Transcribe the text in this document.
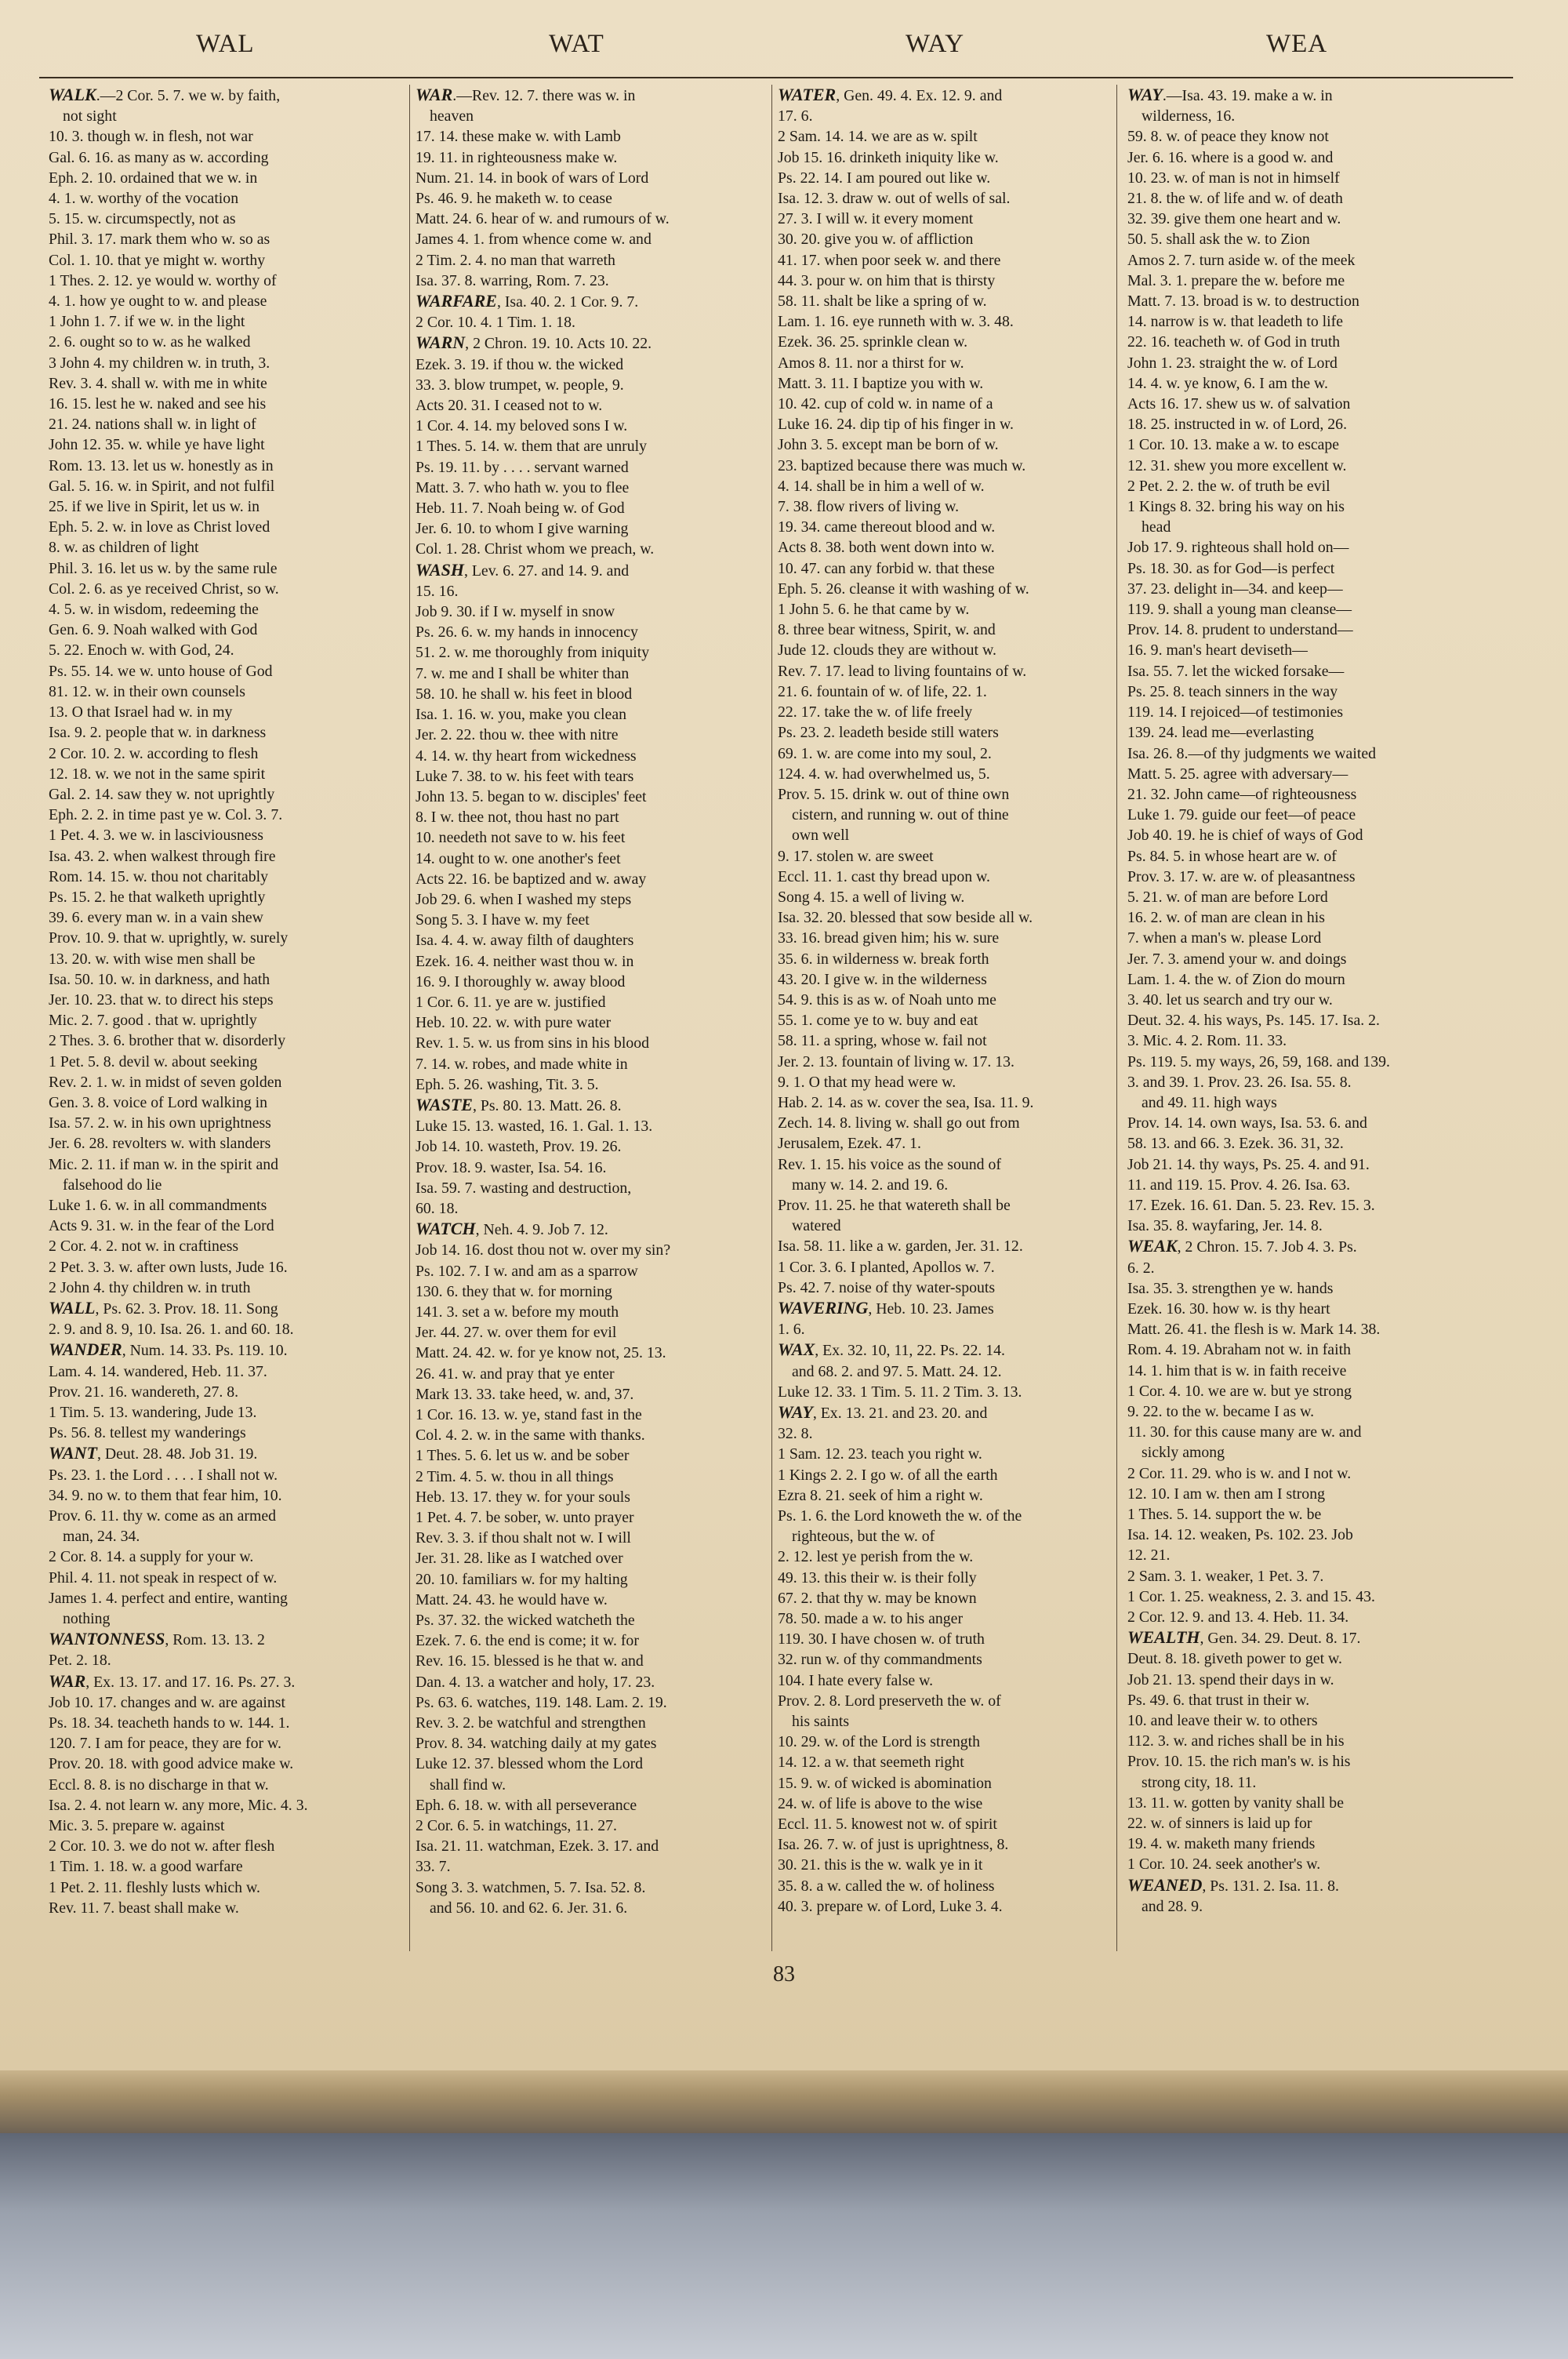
WAL	WAT	WAY	WEA
WALK.—2 Cor. 5. 7. we w. by faith,
not sight
10. 3. though w. in flesh, not war
Gal. 6. 16. as many as w. according
Eph. 2. 10. ordained that we w. in
4. 1. w. worthy of the vocation
5. 15. w. circumspectly, not as
Phil. 3. 17. mark them who w. so as
Col. 1. 10. that ye might w. worthy
1 Thes. 2. 12. ye would w. worthy of
4. 1. how ye ought to w. and please
1 John 1. 7. if we w. in the light
2. 6. ought so to w. as he walked
3 John 4. my children w. in truth, 3.
Rev. 3. 4. shall w. with me in white
16. 15. lest he w. naked and see his
21. 24. nations shall w. in light of
John 12. 35. w. while ye have light
Rom. 13. 13. let us w. honestly as in
Gal. 5. 16. w. in Spirit, and not fulfil
25. if we live in Spirit, let us w. in
Eph. 5. 2. w. in love as Christ loved
8. w. as children of light
Phil. 3. 16. let us w. by the same rule
Col. 2. 6. as ye received Christ, so w.
4. 5. w. in wisdom, redeeming the
Gen. 6. 9. Noah walked with God
5. 22. Enoch w. with God, 24.
Ps. 55. 14. we w. unto house of God
81. 12. w. in their own counsels
13. O that Israel had w. in my
Isa. 9. 2. people that w. in darkness
2 Cor. 10. 2. w. according to flesh
12. 18. w. we not in the same spirit
Gal. 2. 14. saw they w. not uprightly
Eph. 2. 2. in time past ye w. Col. 3. 7.
1 Pet. 4. 3. we w. in lasciviousness
Isa. 43. 2. when walkest through fire
Rom. 14. 15. w. thou not charitably
Ps. 15. 2. he that walketh uprightly
39. 6. every man w. in a vain shew
Prov. 10. 9. that w. uprightly, w. surely
13. 20. w. with wise men shall be
Isa. 50. 10. w. in darkness, and hath
Jer. 10. 23. that w. to direct his steps
Mic. 2. 7. good . that w. uprightly
2 Thes. 3. 6. brother that w. disorderly
1 Pet. 5. 8. devil w. about seeking
Rev. 2. 1. w. in midst of seven golden
Gen. 3. 8. voice of Lord walking in
Isa. 57. 2. w. in his own uprightness
Jer. 6. 28. revolters w. with slanders
Mic. 2. 11. if man w. in the spirit and
falsehood do lie
Luke 1. 6. w. in all commandments
Acts 9. 31. w. in the fear of the Lord
2 Cor. 4. 2. not w. in craftiness
2 Pet. 3. 3. w. after own lusts, Jude 16.
2 John 4. thy children w. in truth
WALL, Ps. 62. 3. Prov. 18. 11. Song
2. 9. and 8. 9, 10. Isa. 26. 1. and 60. 18.
WANDER, Num. 14. 33. Ps. 119. 10.
Lam. 4. 14. wandered, Heb. 11. 37.
Prov. 21. 16. wandereth, 27. 8.
1 Tim. 5. 13. wandering, Jude 13.
Ps. 56. 8. tellest my wanderings
WANT, Deut. 28. 48. Job 31. 19.
Ps. 23. 1. the Lord . . . . I shall not w.
34. 9. no w. to them that fear him, 10.
Prov. 6. 11. thy w. come as an armed
man, 24. 34.
2 Cor. 8. 14. a supply for your w.
Phil. 4. 11. not speak in respect of w.
James 1. 4. perfect and entire, wanting
nothing
WANTONNESS, Rom. 13. 13. 2
Pet. 2. 18.
WAR, Ex. 13. 17. and 17. 16. Ps. 27. 3.
Job 10. 17. changes and w. are against
Ps. 18. 34. teacheth hands to w. 144. 1.
120. 7. I am for peace, they are for w.
Prov. 20. 18. with good advice make w.
Eccl. 8. 8. is no discharge in that w.
Isa. 2. 4. not learn w. any more, Mic. 4. 3.
Mic. 3. 5. prepare w. against
2 Cor. 10. 3. we do not w. after flesh
1 Tim. 1. 18. w. a good warfare
1 Pet. 2. 11. fleshly lusts which w.
Rev. 11. 7. beast shall make w.
WAR.—Rev. 12. 7. there was w. in
heaven
17. 14. these make w. with Lamb
19. 11. in righteousness make w.
Num. 21. 14. in book of wars of Lord
Ps. 46. 9. he maketh w. to cease
Matt. 24. 6. hear of w. and rumours of w.
James 4. 1. from whence come w. and
2 Tim. 2. 4. no man that warreth
Isa. 37. 8. warring, Rom. 7. 23.
WARFARE, Isa. 40. 2. 1 Cor. 9. 7.
2 Cor. 10. 4. 1 Tim. 1. 18.
WARN, 2 Chron. 19. 10. Acts 10. 22.
Ezek. 3. 19. if thou w. the wicked
33. 3. blow trumpet, w. people, 9.
Acts 20. 31. I ceased not to w.
1 Cor. 4. 14. my beloved sons I w.
1 Thes. 5. 14. w. them that are unruly
Ps. 19. 11. by . . . . servant warned
Matt. 3. 7. who hath w. you to flee
Heb. 11. 7. Noah being w. of God
Jer. 6. 10. to whom I give warning
Col. 1. 28. Christ whom we preach, w.
WASH, Lev. 6. 27. and 14. 9. and
15. 16.
Job 9. 30. if I w. myself in snow
Ps. 26. 6. w. my hands in innocency
51. 2. w. me thoroughly from iniquity
7. w. me and I shall be whiter than
58. 10. he shall w. his feet in blood
Isa. 1. 16. w. you, make you clean
Jer. 2. 22. thou w. thee with nitre
4. 14. w. thy heart from wickedness
Luke 7. 38. to w. his feet with tears
John 13. 5. began to w. disciples' feet
8. I w. thee not, thou hast no part
10. needeth not save to w. his feet
14. ought to w. one another's feet
Acts 22. 16. be baptized and w. away
Job 29. 6. when I washed my steps
Song 5. 3. I have w. my feet
Isa. 4. 4. w. away filth of daughters
Ezek. 16. 4. neither wast thou w. in
16. 9. I thoroughly w. away blood
1 Cor. 6. 11. ye are w. justified
Heb. 10. 22. w. with pure water
Rev. 1. 5. w. us from sins in his blood
7. 14. w. robes, and made white in
Eph. 5. 26. washing, Tit. 3. 5.
WASTE, Ps. 80. 13. Matt. 26. 8.
Luke 15. 13. wasted, 16. 1. Gal. 1. 13.
Job 14. 10. wasteth, Prov. 19. 26.
Prov. 18. 9. waster, Isa. 54. 16.
Isa. 59. 7. wasting and destruction,
60. 18.
WATCH, Neh. 4. 9. Job 7. 12.
Job 14. 16. dost thou not w. over my sin?
Ps. 102. 7. I w. and am as a sparrow
130. 6. they that w. for morning
141. 3. set a w. before my mouth
Jer. 44. 27. w. over them for evil
Matt. 24. 42. w. for ye know not, 25. 13.
26. 41. w. and pray that ye enter
Mark 13. 33. take heed, w. and, 37.
1 Cor. 16. 13. w. ye, stand fast in the
Col. 4. 2. w. in the same with thanks.
1 Thes. 5. 6. let us w. and be sober
2 Tim. 4. 5. w. thou in all things
Heb. 13. 17. they w. for your souls
1 Pet. 4. 7. be sober, w. unto prayer
Rev. 3. 3. if thou shalt not w. I will
Jer. 31. 28. like as I watched over
20. 10. familiars w. for my halting
Matt. 24. 43. he would have w.
Ps. 37. 32. the wicked watcheth the
Ezek. 7. 6. the end is come; it w. for
Rev. 16. 15. blessed is he that w. and
Dan. 4. 13. a watcher and holy, 17. 23.
Ps. 63. 6. watches, 119. 148. Lam. 2. 19.
Rev. 3. 2. be watchful and strengthen
Prov. 8. 34. watching daily at my gates
Luke 12. 37. blessed whom the Lord
shall find w.
Eph. 6. 18. w. with all perseverance
2 Cor. 6. 5. in watchings, 11. 27.
Isa. 21. 11. watchman, Ezek. 3. 17. and
33. 7.
Song 3. 3. watchmen, 5. 7. Isa. 52. 8.
and 56. 10. and 62. 6. Jer. 31. 6.
WATER, Gen. 49. 4. Ex. 12. 9. and
17. 6.
2 Sam. 14. 14. we are as w. spilt
Job 15. 16. drinketh iniquity like w.
Ps. 22. 14. I am poured out like w.
Isa. 12. 3. draw w. out of wells of sal.
27. 3. I will w. it every moment
30. 20. give you w. of affliction
41. 17. when poor seek w. and there
44. 3. pour w. on him that is thirsty
58. 11. shalt be like a spring of w.
Lam. 1. 16. eye runneth with w. 3. 48.
Ezek. 36. 25. sprinkle clean w.
Amos 8. 11. nor a thirst for w.
Matt. 3. 11. I baptize you with w.
10. 42. cup of cold w. in name of a
Luke 16. 24. dip tip of his finger in w.
John 3. 5. except man be born of w.
23. baptized because there was much w.
4. 14. shall be in him a well of w.
7. 38. flow rivers of living w.
19. 34. came thereout blood and w.
Acts 8. 38. both went down into w.
10. 47. can any forbid w. that these
Eph. 5. 26. cleanse it with washing of w.
1 John 5. 6. he that came by w.
8. three bear witness, Spirit, w. and
Jude 12. clouds they are without w.
Rev. 7. 17. lead to living fountains of w.
21. 6. fountain of w. of life, 22. 1.
22. 17. take the w. of life freely
Ps. 23. 2. leadeth beside still waters
69. 1. w. are come into my soul, 2.
124. 4. w. had overwhelmed us, 5.
Prov. 5. 15. drink w. out of thine own
cistern, and running w. out of thine
own well
9. 17. stolen w. are sweet
Eccl. 11. 1. cast thy bread upon w.
Song 4. 15. a well of living w.
Isa. 32. 20. blessed that sow beside all w.
33. 16. bread given him; his w. sure
35. 6. in wilderness w. break forth
43. 20. I give w. in the wilderness
54. 9. this is as w. of Noah unto me
55. 1. come ye to w. buy and eat
58. 11. a spring, whose w. fail not
Jer. 2. 13. fountain of living w. 17. 13.
9. 1. O that my head were w.
Hab. 2. 14. as w. cover the sea, Isa. 11. 9.
Zech. 14. 8. living w. shall go out from
Jerusalem, Ezek. 47. 1.
Rev. 1. 15. his voice as the sound of
many w. 14. 2. and 19. 6.
Prov. 11. 25. he that watereth shall be
watered
Isa. 58. 11. like a w. garden, Jer. 31. 12.
1 Cor. 3. 6. I planted, Apollos w. 7.
Ps. 42. 7. noise of thy water-spouts
WAVERING, Heb. 10. 23. James
1. 6.
WAX, Ex. 32. 10, 11, 22. Ps. 22. 14.
and 68. 2. and 97. 5. Matt. 24. 12.
Luke 12. 33. 1 Tim. 5. 11. 2 Tim. 3. 13.
WAY, Ex. 13. 21. and 23. 20. and
32. 8.
1 Sam. 12. 23. teach you right w.
1 Kings 2. 2. I go w. of all the earth
Ezra 8. 21. seek of him a right w.
Ps. 1. 6. the Lord knoweth the w. of the
righteous, but the w. of
2. 12. lest ye perish from the w.
49. 13. this their w. is their folly
67. 2. that thy w. may be known
78. 50. made a w. to his anger
119. 30. I have chosen w. of truth
32. run w. of thy commandments
104. I hate every false w.
Prov. 2. 8. Lord preserveth the w. of
his saints
10. 29. w. of the Lord is strength
14. 12. a w. that seemeth right
15. 9. w. of wicked is abomination
24. w. of life is above to the wise
Eccl. 11. 5. knowest not w. of spirit
Isa. 26. 7. w. of just is uprightness, 8.
30. 21. this is the w. walk ye in it
35. 8. a w. called the w. of holiness
40. 3. prepare w. of Lord, Luke 3. 4.
WAY.—Isa. 43. 19. make a w. in
wilderness, 16.
59. 8. w. of peace they know not
Jer. 6. 16. where is a good w. and
10. 23. w. of man is not in himself
21. 8. the w. of life and w. of death
32. 39. give them one heart and w.
50. 5. shall ask the w. to Zion
Amos 2. 7. turn aside w. of the meek
Mal. 3. 1. prepare the w. before me
Matt. 7. 13. broad is w. to destruction
14. narrow is w. that leadeth to life
22. 16. teacheth w. of God in truth
John 1. 23. straight the w. of Lord
14. 4. w. ye know, 6. I am the w.
Acts 16. 17. shew us w. of salvation
18. 25. instructed in w. of Lord, 26.
1 Cor. 10. 13. make a w. to escape
12. 31. shew you more excellent w.
2 Pet. 2. 2. the w. of truth be evil
1 Kings 8. 32. bring his way on his
head
Job 17. 9. righteous shall hold on—
Ps. 18. 30. as for God—is perfect
37. 23. delight in—34. and keep—
119. 9. shall a young man cleanse—
Prov. 14. 8. prudent to understand—
16. 9. man's heart deviseth—
Isa. 55. 7. let the wicked forsake—
Ps. 25. 8. teach sinners in the way
119. 14. I rejoiced—of testimonies
139. 24. lead me—everlasting
Isa. 26. 8.—of thy judgments we waited
Matt. 5. 25. agree with adversary—
21. 32. John came—of righteousness
Luke 1. 79. guide our feet—of peace
Job 40. 19. he is chief of ways of God
Ps. 84. 5. in whose heart are w. of
Prov. 3. 17. w. are w. of pleasantness
5. 21. w. of man are before Lord
16. 2. w. of man are clean in his
7. when a man's w. please Lord
Jer. 7. 3. amend your w. and doings
Lam. 1. 4. the w. of Zion do mourn
3. 40. let us search and try our w.
Deut. 32. 4. his ways, Ps. 145. 17. Isa. 2.
3. Mic. 4. 2. Rom. 11. 33.
Ps. 119. 5. my ways, 26, 59, 168. and 139.
3. and 39. 1. Prov. 23. 26. Isa. 55. 8.
and 49. 11. high ways
Prov. 14. 14. own ways, Isa. 53. 6. and
58. 13. and 66. 3. Ezek. 36. 31, 32.
Job 21. 14. thy ways, Ps. 25. 4. and 91.
11. and 119. 15. Prov. 4. 26. Isa. 63.
17. Ezek. 16. 61. Dan. 5. 23. Rev. 15. 3.
Isa. 35. 8. wayfaring, Jer. 14. 8.
WEAK, 2 Chron. 15. 7. Job 4. 3. Ps.
6. 2.
Isa. 35. 3. strengthen ye w. hands
Ezek. 16. 30. how w. is thy heart
Matt. 26. 41. the flesh is w. Mark 14. 38.
Rom. 4. 19. Abraham not w. in faith
14. 1. him that is w. in faith receive
1 Cor. 4. 10. we are w. but ye strong
9. 22. to the w. became I as w.
11. 30. for this cause many are w. and
sickly among
2 Cor. 11. 29. who is w. and I not w.
12. 10. I am w. then am I strong
1 Thes. 5. 14. support the w. be
Isa. 14. 12. weaken, Ps. 102. 23. Job
12. 21.
2 Sam. 3. 1. weaker, 1 Pet. 3. 7.
1 Cor. 1. 25. weakness, 2. 3. and 15. 43.
2 Cor. 12. 9. and 13. 4. Heb. 11. 34.
WEALTH, Gen. 34. 29. Deut. 8. 17.
Deut. 8. 18. giveth power to get w.
Job 21. 13. spend their days in w.
Ps. 49. 6. that trust in their w.
10. and leave their w. to others
112. 3. w. and riches shall be in his
Prov. 10. 15. the rich man's w. is his
strong city, 18. 11.
13. 11. w. gotten by vanity shall be
22. w. of sinners is laid up for
19. 4. w. maketh many friends
1 Cor. 10. 24. seek another's w.
WEANED, Ps. 131. 2. Isa. 11. 8.
and 28. 9.
83
